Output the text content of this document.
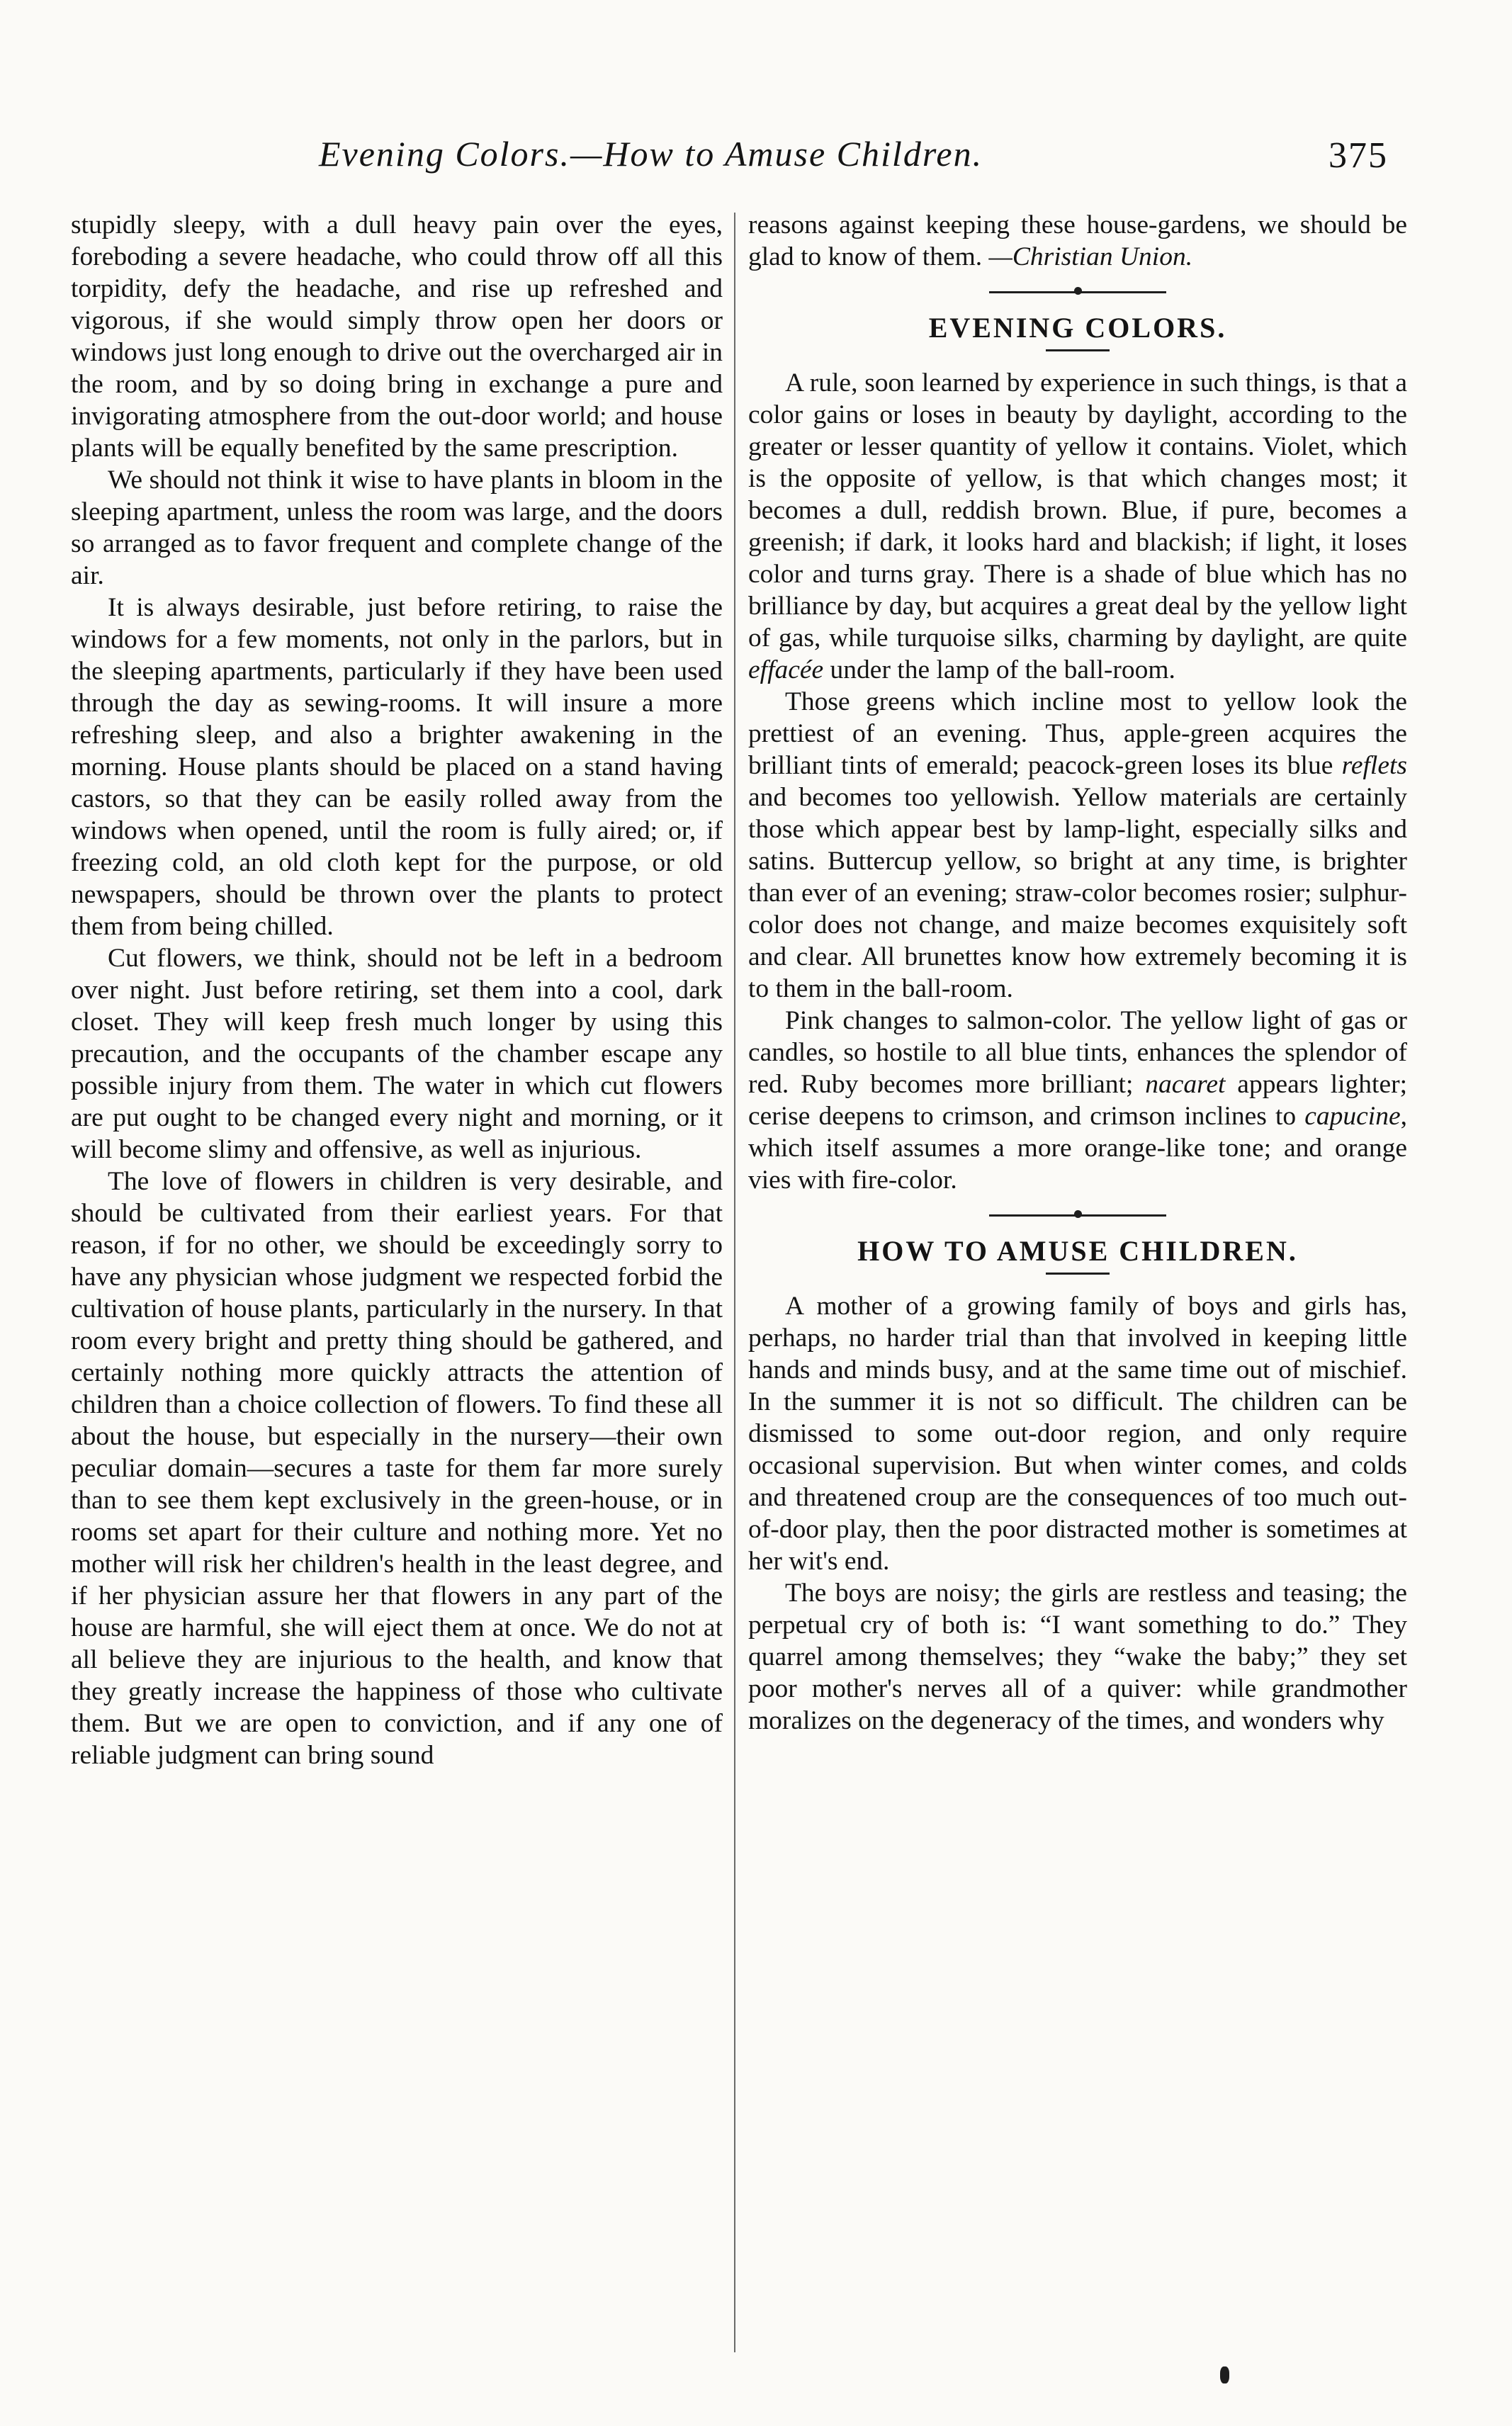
Evening Colors.—How to Amuse Children.	375

stupidly sleepy, with a dull heavy pain over the eyes, foreboding a severe headache, who could throw off all this torpidity, defy the headache, and rise up refreshed and vigorous, if she would simply throw open her doors or windows just long enough to drive out the overcharged air in the room, and by so doing bring in exchange a pure and invigorating atmosphere from the out-door world; and house plants will be equally benefited by the same prescription.

We should not think it wise to have plants in bloom in the sleeping apartment, unless the room was large, and the doors so arranged as to favor frequent and complete change of the air.

It is always desirable, just before retiring, to raise the windows for a few moments, not only in the parlors, but in the sleeping apartments, particularly if they have been used through the day as sewing-rooms. It will insure a more refreshing sleep, and also a brighter awakening in the morning. House plants should be placed on a stand having castors, so that they can be easily rolled away from the windows when opened, until the room is fully aired; or, if freezing cold, an old cloth kept for the purpose, or old newspapers, should be thrown over the plants to protect them from being chilled.

Cut flowers, we think, should not be left in a bedroom over night. Just before retiring, set them into a cool, dark closet. They will keep fresh much longer by using this precaution, and the occupants of the chamber escape any possible injury from them. The water in which cut flowers are put ought to be changed every night and morning, or it will become slimy and offensive, as well as injurious.

The love of flowers in children is very desirable, and should be cultivated from their earliest years. For that reason, if for no other, we should be exceedingly sorry to have any physician whose judgment we respected forbid the cultivation of house plants, particularly in the nursery. In that room every bright and pretty thing should be gathered, and certainly nothing more quickly attracts the attention of children than a choice collection of flowers. To find these all about the house, but especially in the nursery—their own peculiar domain—secures a taste for them far more surely than to see them kept exclusively in the green-house, or in rooms set apart for their culture and nothing more. Yet no mother will risk her children's health in the least degree, and if her physician assure her that flowers in any part of the house are harmful, she will eject them at once. We do not at all believe they are injurious to the health, and know that they greatly increase the happiness of those who cultivate them. But we are open to conviction, and if any one of reliable judgment can bring sound

reasons against keeping these house-gardens, we should be glad to know of them. —Christian Union.

EVENING COLORS.

A rule, soon learned by experience in such things, is that a color gains or loses in beauty by daylight, according to the greater or lesser quantity of yellow it contains. Violet, which is the opposite of yellow, is that which changes most; it becomes a dull, reddish brown. Blue, if pure, becomes a greenish; if dark, it looks hard and blackish; if light, it loses color and turns gray. There is a shade of blue which has no brilliance by day, but acquires a great deal by the yellow light of gas, while turquoise silks, charming by daylight, are quite effacée under the lamp of the ball-room.

Those greens which incline most to yellow look the prettiest of an evening. Thus, apple-green acquires the brilliant tints of emerald; peacock-green loses its blue reflets and becomes too yellowish. Yellow materials are certainly those which appear best by lamp-light, especially silks and satins. Buttercup yellow, so bright at any time, is brighter than ever of an evening; straw-color becomes rosier; sulphur-color does not change, and maize becomes exquisitely soft and clear. All brunettes know how extremely becoming it is to them in the ball-room.

Pink changes to salmon-color. The yellow light of gas or candles, so hostile to all blue tints, enhances the splendor of red. Ruby becomes more brilliant; nacaret appears lighter; cerise deepens to crimson, and crimson inclines to capucine, which itself assumes a more orange-like tone; and orange vies with fire-color.

HOW TO AMUSE CHILDREN.

A mother of a growing family of boys and girls has, perhaps, no harder trial than that involved in keeping little hands and minds busy, and at the same time out of mischief. In the summer it is not so difficult. The children can be dismissed to some out-door region, and only require occasional supervision. But when winter comes, and colds and threatened croup are the consequences of too much out-of-door play, then the poor distracted mother is sometimes at her wit's end.

The boys are noisy; the girls are restless and teasing; the perpetual cry of both is: “I want something to do.” They quarrel among themselves; they “wake the baby;” they set poor mother's nerves all of a quiver: while grandmother moralizes on the degeneracy of the times, and wonders why
